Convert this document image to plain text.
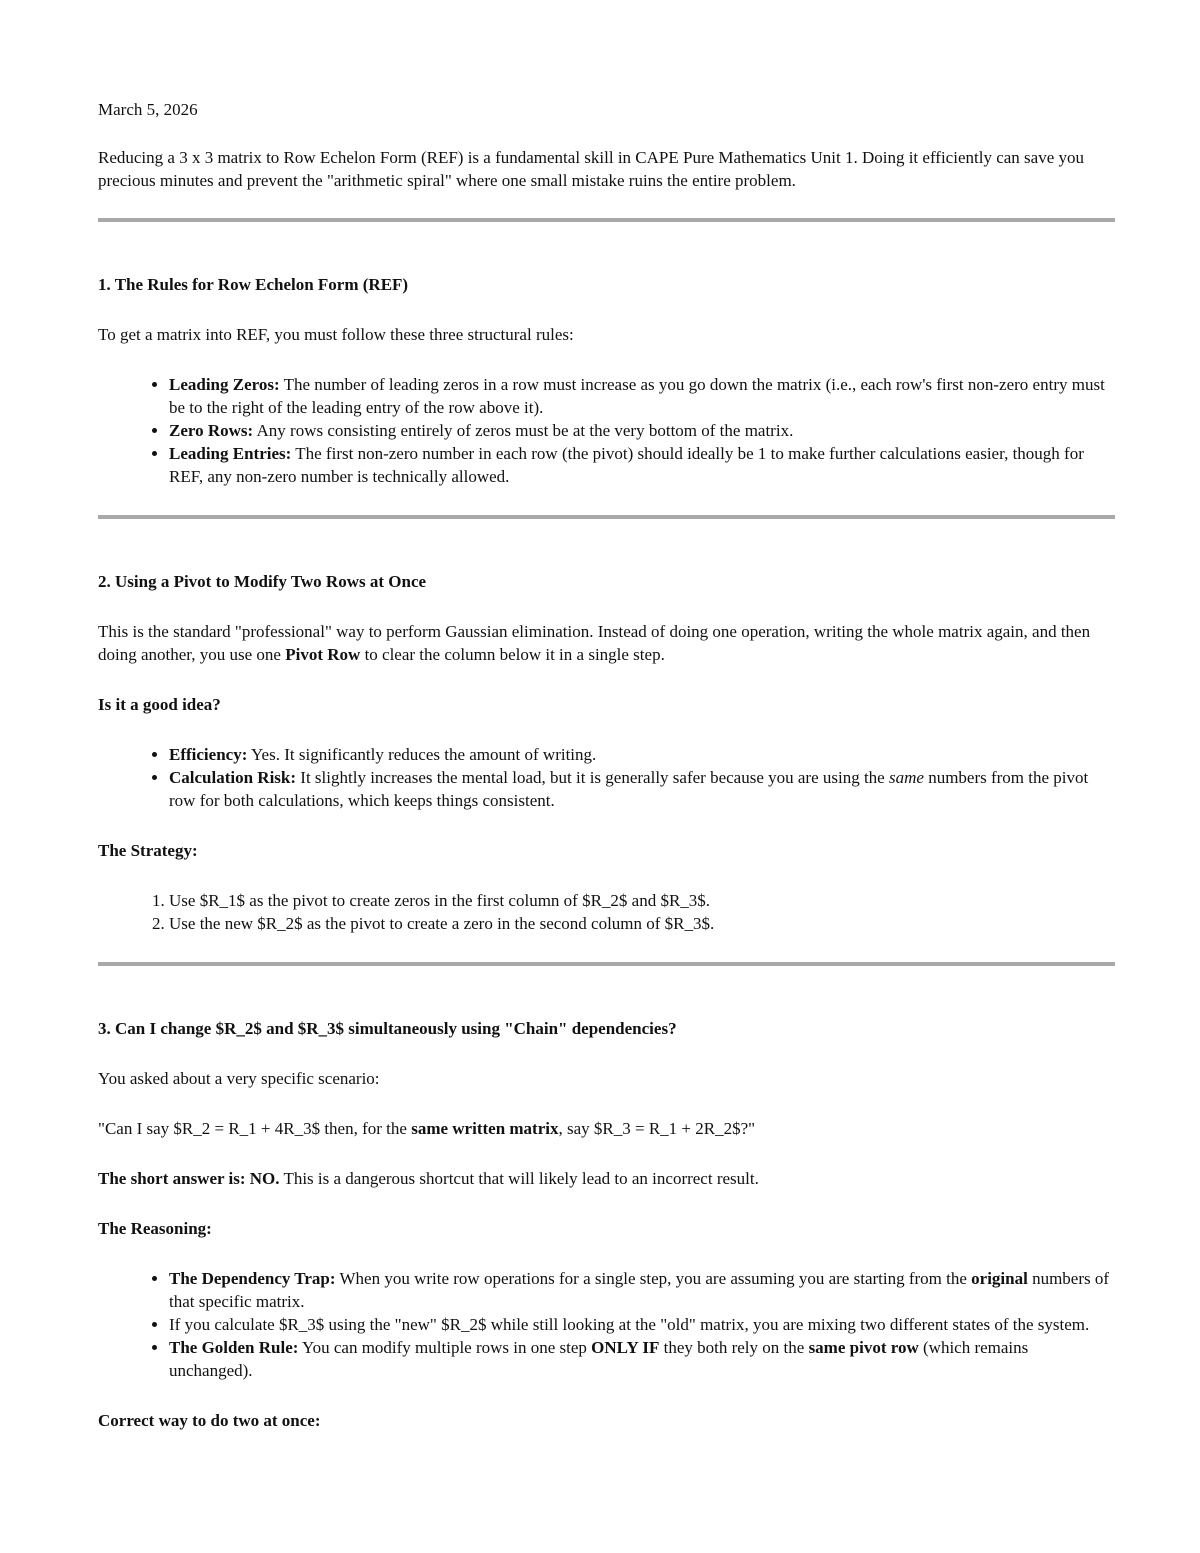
March 5, 2026

Reducing a 3 x 3 matrix to Row Echelon Form (REF) is a fundamental skill in CAPE Pure Mathematics Unit 1. Doing it efficiently can save you precious minutes and prevent the "arithmetic spiral" where one small mistake ruins the entire problem.

1. The Rules for Row Echelon Form (REF)

To get a matrix into REF, you must follow these three structural rules:

• Leading Zeros: The number of leading zeros in a row must increase as you go down the matrix (i.e., each row's first non-zero entry must be to the right of the leading entry of the row above it).
• Zero Rows: Any rows consisting entirely of zeros must be at the very bottom of the matrix.
• Leading Entries: The first non-zero number in each row (the pivot) should ideally be 1 to make further calculations easier, though for REF, any non-zero number is technically allowed.
2. Using a Pivot to Modify Two Rows at Once

This is the standard "professional" way to perform Gaussian elimination. Instead of doing one operation, writing the whole matrix again, and then doing another, you use one Pivot Row to clear the column below it in a single step.

Is it a good idea?

• Efficiency: Yes. It significantly reduces the amount of writing.
• Calculation Risk: It slightly increases the mental load, but it is generally safer because you are using the same numbers from the pivot row for both calculations, which keeps things consistent.

The Strategy:

1. Use $R_1$ as the pivot to create zeros in the first column of $R_2$ and $R_3$.
2. Use the new $R_2$ as the pivot to create a zero in the second column of $R_3$.
3. Can I change $R_2$ and $R_3$ simultaneously using "Chain" dependencies?

You asked about a very specific scenario:

"Can I say $R_2 = R_1 + 4R_3$ then, for the same written matrix, say $R_3 = R_1 + 2R_2$?"

The short answer is: NO. This is a dangerous shortcut that will likely lead to an incorrect result.

The Reasoning:

• The Dependency Trap: When you write row operations for a single step, you are assuming you are starting from the original numbers of that specific matrix.
• If you calculate $R_3$ using the "new" $R_2$ while still looking at the "old" matrix, you are mixing two different states of the system.
• The Golden Rule: You can modify multiple rows in one step ONLY IF they both rely on the same pivot row (which remains unchanged).

Correct way to do two at once:
